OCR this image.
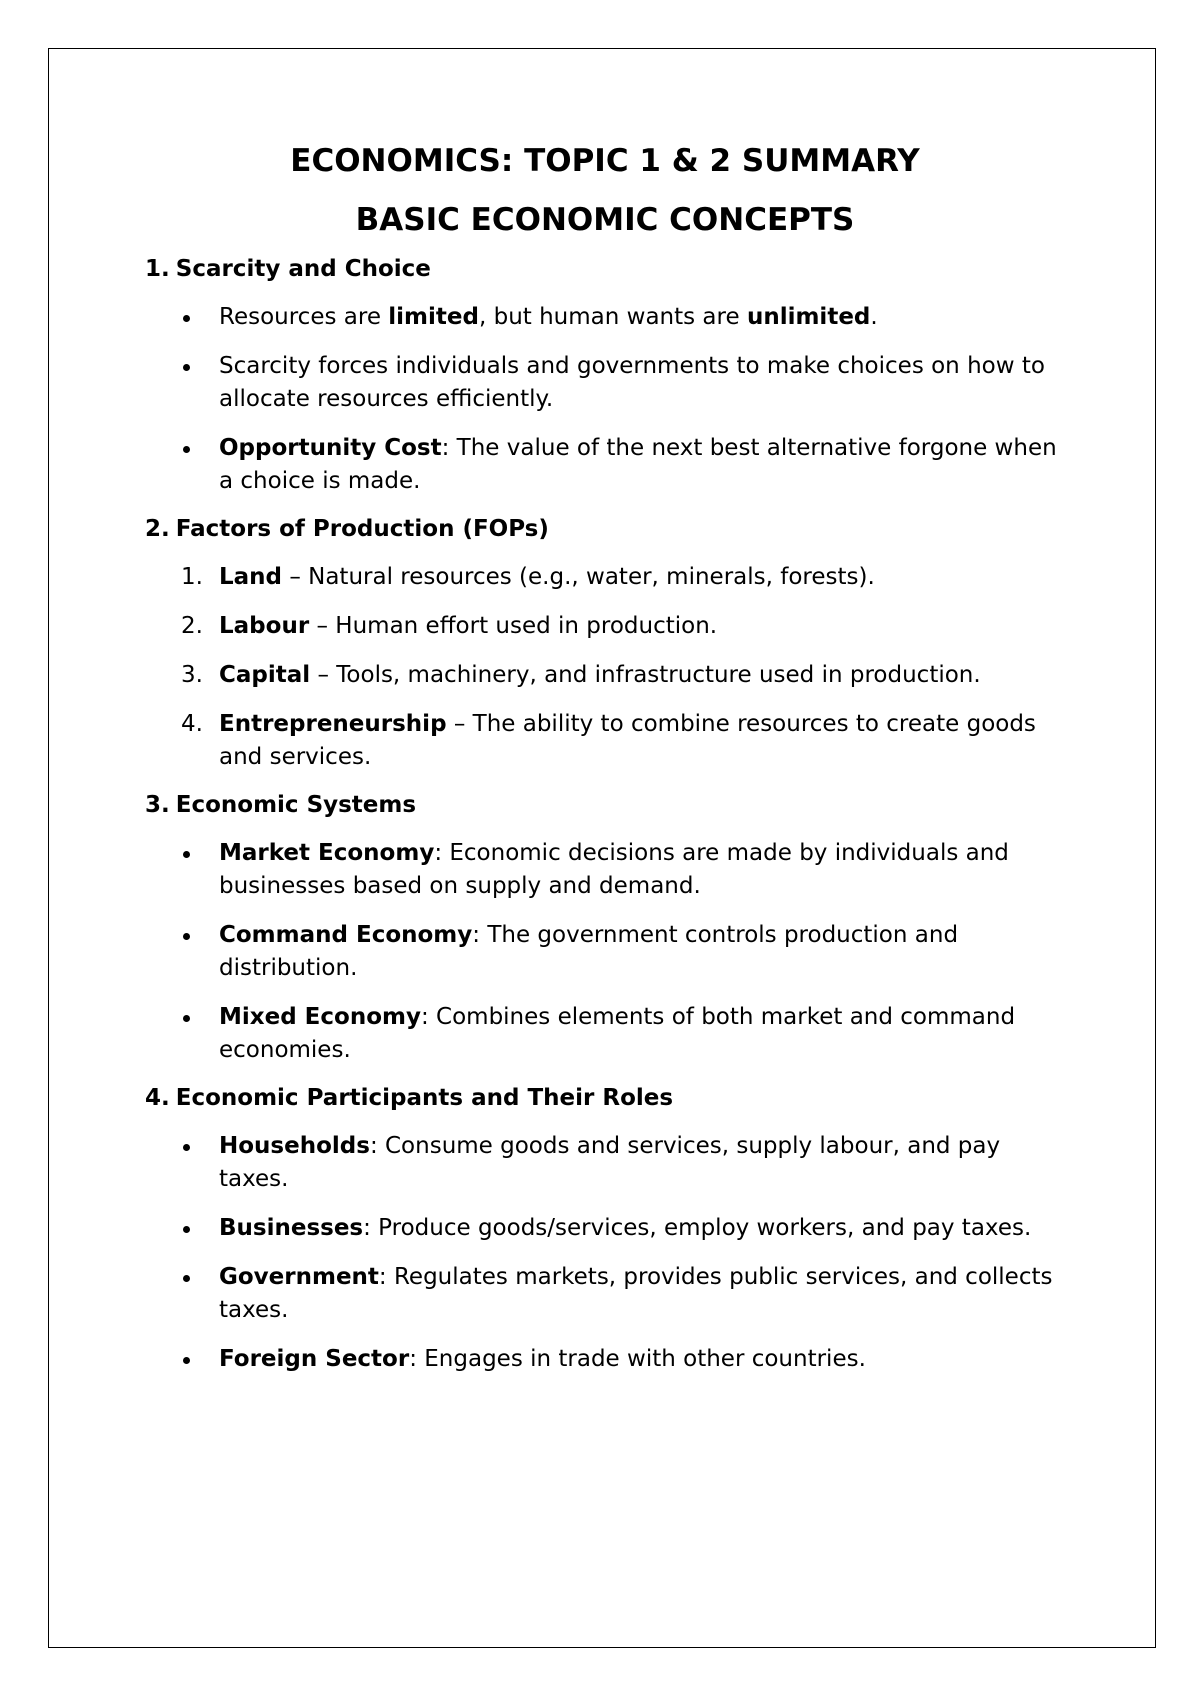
ECONOMICS: TOPIC 1 & 2 SUMMARY
BASIC ECONOMIC CONCEPTS
1. Scarcity and Choice
Resources are limited, but human wants are unlimited.
Scarcity forces individuals and governments to make choices on how to allocate resources efficiently.
Opportunity Cost: The value of the next best alternative forgone when a choice is made.
2. Factors of Production (FOPs)
1. Land – Natural resources (e.g., water, minerals, forests).
2. Labour – Human effort used in production.
3. Capital – Tools, machinery, and infrastructure used in production.
4. Entrepreneurship – The ability to combine resources to create goods and services.
3. Economic Systems
Market Economy: Economic decisions are made by individuals and businesses based on supply and demand.
Command Economy: The government controls production and distribution.
Mixed Economy: Combines elements of both market and command economies.
4. Economic Participants and Their Roles
Households: Consume goods and services, supply labour, and pay taxes.
Businesses: Produce goods/services, employ workers, and pay taxes.
Government: Regulates markets, provides public services, and collects taxes.
Foreign Sector: Engages in trade with other countries.
